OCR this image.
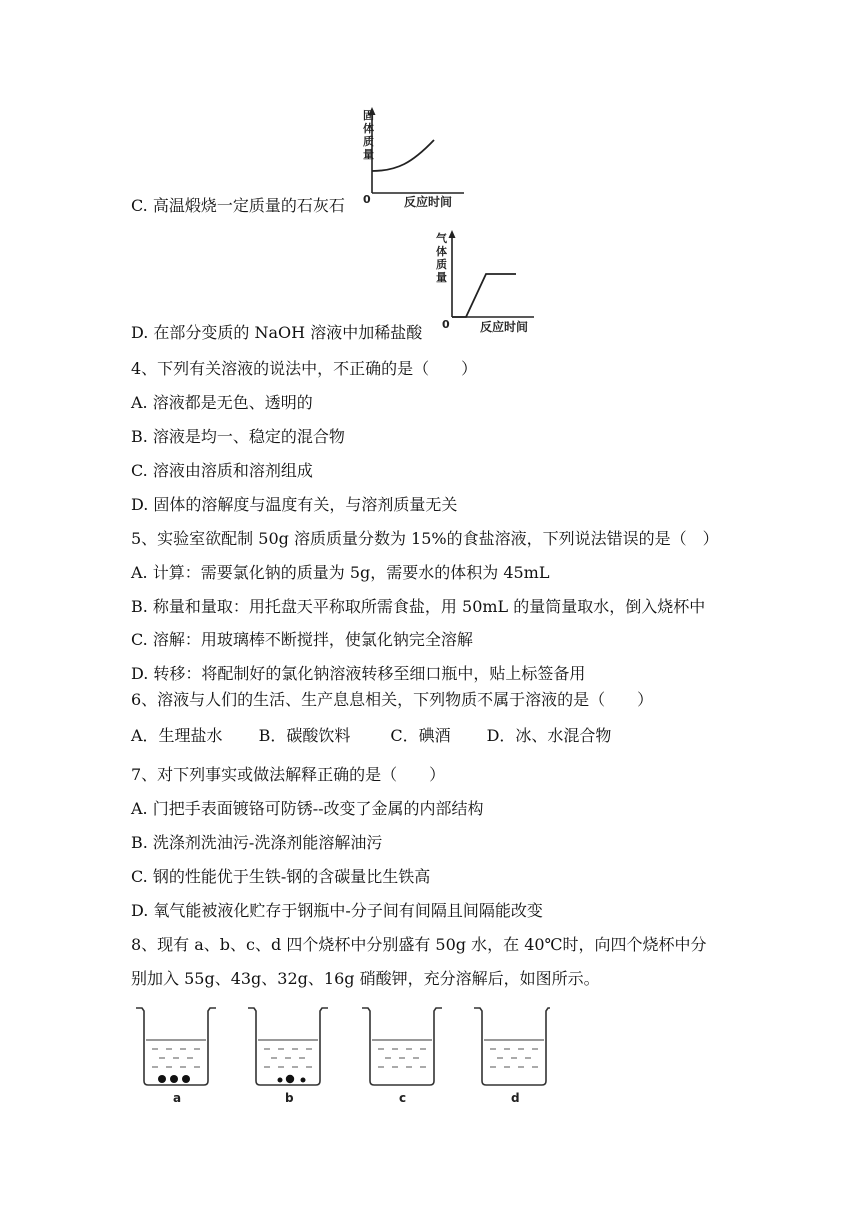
固
体
质
量
0	反应时间
C. 高温煅烧一定质量的石灰石
气
体
质
量
0	反应时间
D. 在部分变质的 NaOH 溶液中加稀盐酸
4、下列有关溶液的说法中，不正确的是（　　）
A. 溶液都是无色、透明的
B. 溶液是均一、稳定的混合物
C. 溶液由溶质和溶剂组成
D. 固体的溶解度与温度有关，与溶剂质量无关
5、实验室欲配制 50g 溶质质量分数为 15%的食盐溶液，下列说法错误的是（　）
A. 计算：需要氯化钠的质量为 5g，需要水的体积为 45mL
B. 称量和量取：用托盘天平称取所需食盐，用 50mL 的量筒量取水，倒入烧杯中
C. 溶解：用玻璃棒不断搅拌，使氯化钠完全溶解
D. 转移：将配制好的氯化钠溶液转移至细口瓶中，贴上标签备用
6、溶液与人们的生活、生产息息相关，下列物质不属于溶液的是（　　）
A．生理盐水 B．碳酸饮料	C．碘酒 D．冰、水混合物
7、对下列事实或做法解释正确的是（　　）
A. 门把手表面镀铬可防锈--改变了金属的内部结构
B. 洗涤剂洗油污-洗涤剂能溶解油污
C. 钢的性能优于生铁-钢的含碳量比生铁高
D. 氧气能被液化贮存于钢瓶中-分子间有间隔且间隔能改变
8、现有 a、b、c、d 四个烧杯中分别盛有 50g 水，在 40℃时，向四个烧杯中分
别加入 55g、43g、32g、16g 硝酸钾，充分溶解后，如图所示。
a	b	c	d
